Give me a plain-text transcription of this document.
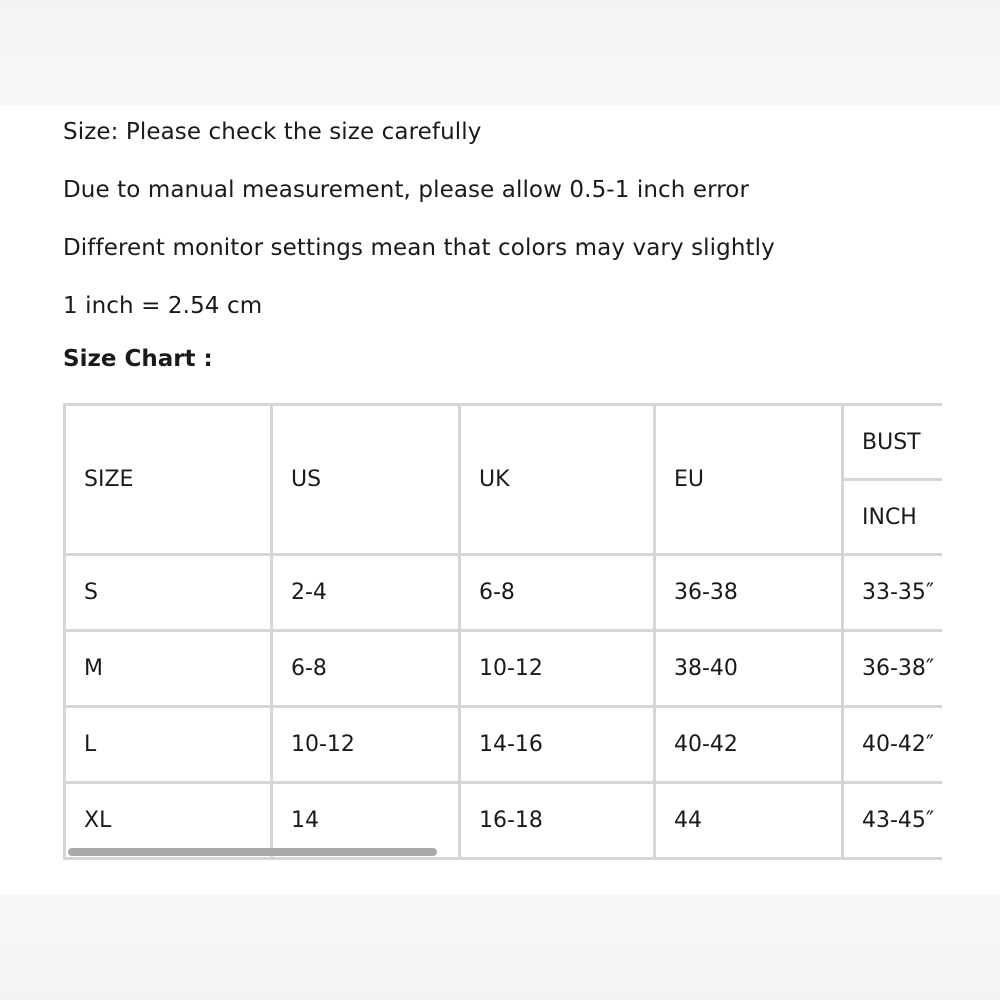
Size: Please check the size carefully
Due to manual measurement, please allow 0.5-1 inch error
Different monitor settings mean that colors may vary slightly
1 inch = 2.54 cm
Size Chart :
SIZE	US	UK	EU	BUST
				INCH
S	2-4	6-8	36-38	33-35″
M	6-8	10-12	38-40	36-38″
L	10-12	14-16	40-42	40-42″
XL	14	16-18	44	43-45″
